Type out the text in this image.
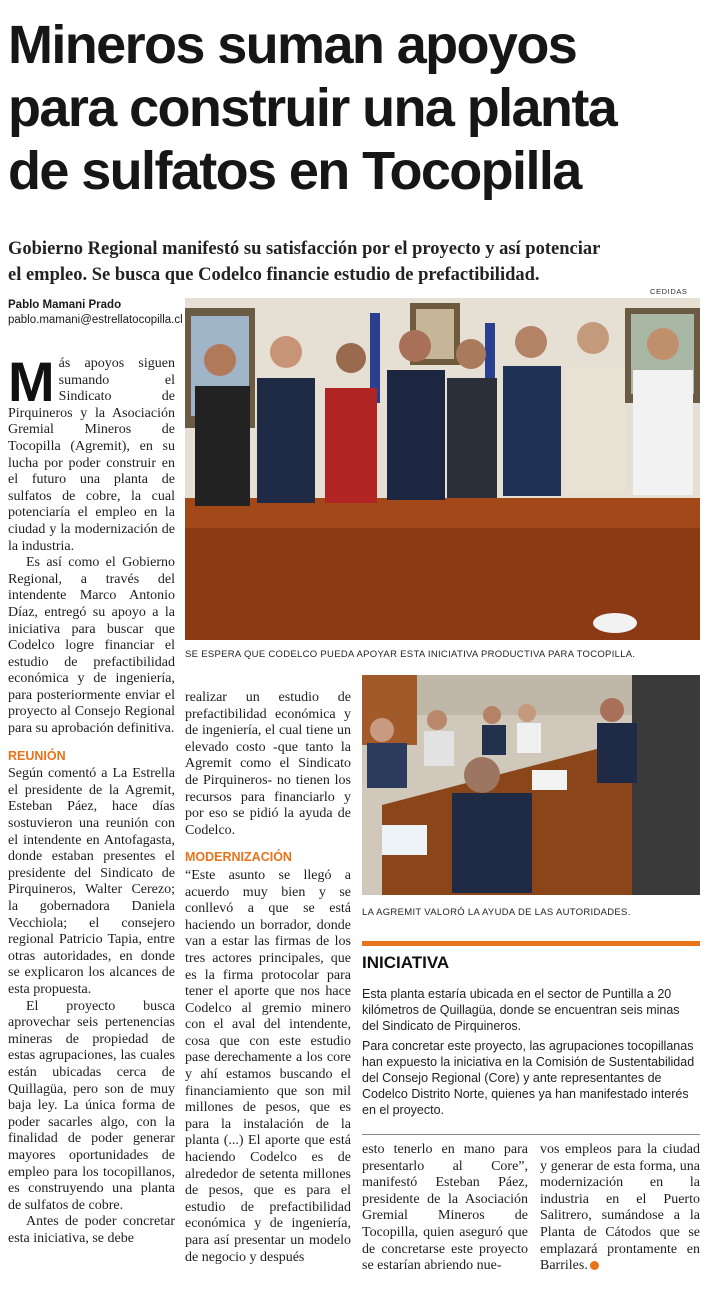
Mineros suman apoyos
para construir una planta
de sulfatos en Tocopilla
Gobierno Regional manifestó su satisfacción por el proyecto y así potenciar
el empleo. Se busca que Codelco financie estudio de prefactibilidad.
Pablo Mamani Prado
pablo.mamani@estrellatocopilla.cl
CEDIDAS
SE ESPERA QUE CODELCO PUEDA APOYAR ESTA INICIATIVA PRODUCTIVA PARA TOCOPILLA.

Más apoyos siguen sumando el Sindicato de Pirquineros y la Asociación Gremial Mineros de Tocopilla (Agremit), en su lucha por poder construir en el futuro una planta de sulfatos de cobre, la cual potenciaría el empleo en la ciudad y la modernización de la industria.

Es así como el Gobierno Regional, a través del intendente Marco Antonio Díaz, entregó su apoyo a la iniciativa para buscar que Codelco logre financiar el estudio de prefactibilidad económica y de ingeniería, para posteriormente enviar el proyecto al Consejo Regional para su aprobación definitiva.

REUNIÓN

Según comentó a La Estrella el presidente de la Agremit, Esteban Páez, hace días sostuvieron una reunión con el intendente en Antofagasta, donde estaban presentes el presidente del Sindicato de Pirquineros, Walter Cerezo; la gobernadora Daniela Vecchiola; el consejero regional Patricio Tapia, entre otras autoridades, en donde se explicaron los alcances de esta propuesta.

El proyecto busca aprovechar seis pertenencias mineras de propiedad de estas agrupaciones, las cuales están ubicadas cerca de Quillagüa, pero son de muy baja ley. La única forma de poder sacarles algo, con la finalidad de poder generar mayores oportunidades de empleo para los tocopillanos, es construyendo una planta de sulfatos de cobre.

Antes de poder concretar esta iniciativa, se debe

realizar un estudio de prefactibilidad económica y de ingeniería, el cual tiene un elevado costo -que tanto la Agremit como el Sindicato de Pirquineros- no tienen los recursos para financiarlo y por eso se pidió la ayuda de Codelco.

MODERNIZACIÓN

“Este asunto se llegó a acuerdo muy bien y se conllevó a que se está haciendo un borrador, donde van a estar las firmas de los tres actores principales, que es la firma protocolar para tener el aporte que nos hace Codelco al gremio minero con el aval del intendente, cosa que con este estudio pase derechamente a los core y ahí estamos buscando el financiamiento que son mil millones de pesos, que es para la instalación de la planta (...) El aporte que está haciendo Codelco es de alrededor de setenta millones de pesos, que es para el estudio de prefactibilidad económica y de ingeniería, para así presentar un modelo de negocio y después

LA AGREMIT VALORÓ LA AYUDA DE LAS AUTORIDADES.
INICIATIVA

Esta planta estaría ubicada en el sector de Puntilla a 20 kilómetros de Quillagüa, donde se encuentran seis minas del Sindicato de Pirquineros.

Para concretar este proyecto, las agrupaciones tocopillanas han expuesto la iniciativa en la Comisión de Sustentabilidad del Consejo Regional (Core) y ante representantes de Codelco Distrito Norte, quienes ya han manifestado interés en el proyecto.

esto tenerlo en mano para presentarlo al Core”, manifestó Esteban Páez, presidente de la Asociación Gremial Mineros de Tocopilla, quien aseguró que de concretarse este proyecto se estarían abriendo nue-

vos empleos para la ciudad y generar de esta forma, una modernización en la industria en el Puerto Salitrero, sumándose a la Planta de Cátodos que se emplazará prontamente en Barriles.
